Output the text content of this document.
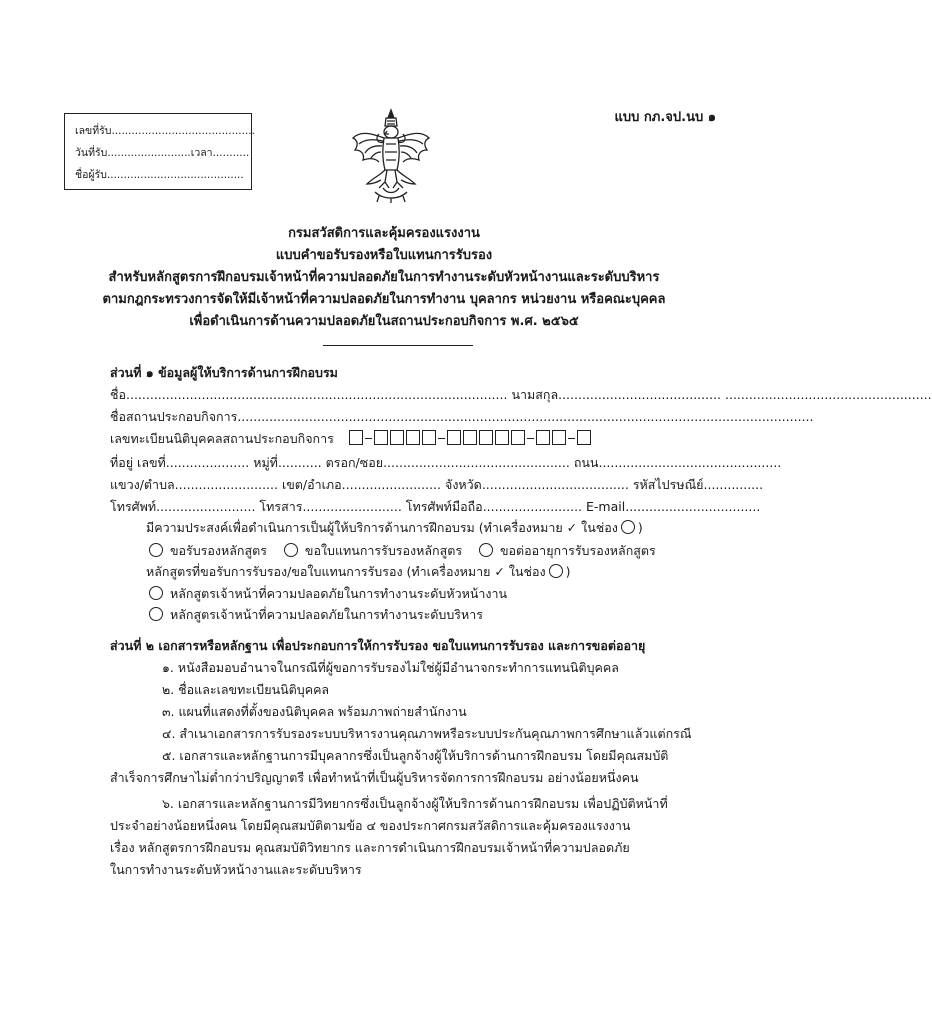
เลขที่รับ...........................................
วันที่รับ.........................เวลา...........
ชื่อผู้รับ.........................................
แบบ กภ.จป.นบ ๑
กรมสวัสดิการและคุ้มครองแรงงาน
แบบคำขอรับรองหรือใบแทนการรับรอง
สำหรับหลักสูตรการฝึกอบรมเจ้าหน้าที่ความปลอดภัยในการทำงานระดับหัวหน้างานและระดับบริหาร
ตามกฎกระทรวงการจัดให้มีเจ้าหน้าที่ความปลอดภัยในการทำงาน บุคลากร หน่วยงาน หรือคณะบุคคล
เพื่อดำเนินการด้านความปลอดภัยในสถานประกอบกิจการ พ.ศ. ๒๕๖๕
ส่วนที่ ๑ ข้อมูลผู้ให้บริการด้านการฝึกอบรม
ชื่อ................................................................................................ นามสกุล......................................... ....................................................
ชื่อสถานประกอบกิจการ.................................................................................................................................................
เลขทะเบียนนิติบุคคลสถานประกอบกิจการ
ที่อยู่ เลขที่..................... หมู่ที่........... ตรอก/ซอย............................................... ถนน..............................................
แขวง/ตำบล.......................... เขต/อำเภอ......................... จังหวัด..................................... รหัสไปรษณีย์...............
โทรศัพท์......................... โทรสาร......................... โทรศัพท์มือถือ......................... E-mail..................................
มีความประสงค์เพื่อดำเนินการเป็นผู้ให้บริการด้านการฝึกอบรม (ทำเครื่องหมาย ✓ ในช่อง )
ขอรับรองหลักสูตร	ขอใบแทนการรับรองหลักสูตร	ขอต่ออายุการรับรองหลักสูตร
หลักสูตรที่ขอรับการรับรอง/ขอใบแทนการรับรอง (ทำเครื่องหมาย ✓ ในช่อง )
หลักสูตรเจ้าหน้าที่ความปลอดภัยในการทำงานระดับหัวหน้างาน
หลักสูตรเจ้าหน้าที่ความปลอดภัยในการทำงานระดับบริหาร
ส่วนที่ ๒ เอกสารหรือหลักฐาน เพื่อประกอบการให้การรับรอง ขอใบแทนการรับรอง และการขอต่ออายุ
๑. หนังสือมอบอำนาจในกรณีที่ผู้ขอการรับรองไม่ใช่ผู้มีอำนาจกระทำการแทนนิติบุคคล
๒. ชื่อและเลขทะเบียนนิติบุคคล
๓. แผนที่แสดงที่ตั้งของนิติบุคคล พร้อมภาพถ่ายสำนักงาน
๔. สำเนาเอกสารการรับรองระบบบริหารงานคุณภาพหรือระบบประกันคุณภาพการศึกษาแล้วแต่กรณี
๕. เอกสารและหลักฐานการมีบุคลากรซึ่งเป็นลูกจ้างผู้ให้บริการด้านการฝึกอบรม โดยมีคุณสมบัติ
สำเร็จการศึกษาไม่ต่ำกว่าปริญญาตรี เพื่อทำหน้าที่เป็นผู้บริหารจัดการการฝึกอบรม อย่างน้อยหนึ่งคน
๖. เอกสารและหลักฐานการมีวิทยากรซึ่งเป็นลูกจ้างผู้ให้บริการด้านการฝึกอบรม เพื่อปฏิบัติหน้าที่
ประจำอย่างน้อยหนึ่งคน โดยมีคุณสมบัติตามข้อ ๔ ของประกาศกรมสวัสดิการและคุ้มครองแรงงาน
เรื่อง หลักสูตรการฝึกอบรม คุณสมบัติวิทยากร และการดำเนินการฝึกอบรมเจ้าหน้าที่ความปลอดภัย
ในการทำงานระดับหัวหน้างานและระดับบริหาร
